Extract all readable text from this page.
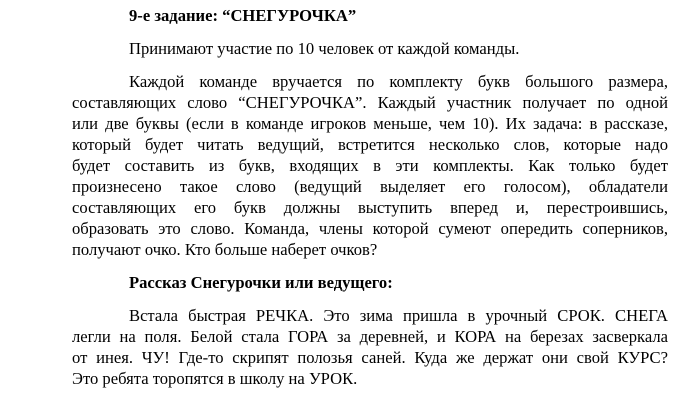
9-е задание: “СНЕГУРОЧКА”

Принимают участие по 10 человек от каждой команды.

Каждой команде вручается по комплекту букв большого размера,

составляющих слово “СНЕГУРОЧКА”. Каждый участник получает по одной

или две буквы (если в команде игроков меньше, чем 10). Их задача: в рассказе,

который будет читать ведущий, встретится несколько слов, которые надо

будет составить из букв, входящих в эти комплекты. Как только будет

произнесено такое слово (ведущий выделяет его голосом), обладатели

составляющих его букв должны выступить вперед и, перестроившись,

образовать это слово. Команда, члены которой сумеют опередить соперников,

получают очко. Кто больше наберет очков?

Рассказ Снегурочки или ведущего:

Встала быстрая РЕЧКА. Это зима пришла в урочный СРОК. СНЕГА

легли на поля. Белой стала ГОРА за деревней, и КОРА на березах засверкала

от инея. ЧУ! Где-то скрипят полозья саней. Куда же держат они свой КУРС?

Это ребята торопятся в школу на УРОК.
